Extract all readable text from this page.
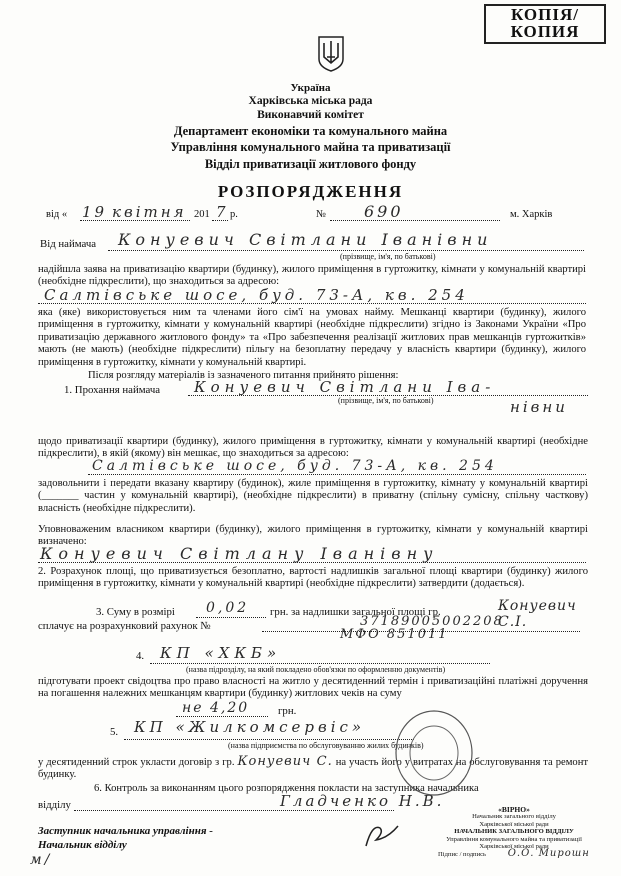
КОПІЯ/
КОПИЯ
Україна
Харківська міська рада
Виконавчий комітет
Департамент економіки та комунального майна
Управління комунального майна та приватизації
Відділ приватизації житлового фонду
РОЗПОРЯДЖЕННЯ
від « 19 квітня 201 7 р.	№ 690	м. Харків
Від наймача Конуевич Світлани Іванівни
(прізвище, ім'я, по батькові)
надійшла заява на приватизацію квартири (будинку), жилого приміщення в гуртожитку, кімнати у комунальній квартирі (необхідне підкреслити), що знаходиться за адресою:
Салтівське шосе, буд. 73-А, кв. 254
яка (яке) використовується ним та членами його сім'ї на умовах найму. Мешканці квартири (будинку), жилого приміщення в гуртожитку, кімнати у комунальній квартирі (необхідне підкреслити) згідно із Законами України «Про приватизацію державного житлового фонду» та «Про забезпечення реалізації житлових прав мешканців гуртожитків» мають (не мають) (необхідне підкреслити) пільгу на безоплатну передачу у власність квартири (будинку), жилого приміщення в гуртожитку, кімнати у комунальній квартирі.
Після розгляду матеріалів із зазначеного питання прийнято рішення:
1. Прохання наймача Конуевич Світлани Іва-
(прізвище, ім'я, по батькові)	нівни
щодо приватизації квартири (будинку), жилого приміщення в гуртожитку, кімнати у комунальній квартирі (необхідне підкреслити), в якій (якому) він мешкає, що знаходиться за адресою:
Салтівське шосе, буд. 73-А, кв. 254
задовольнити і передати вказану квартиру (будинок), жиле приміщення в гуртожитку, кімнату у комунальній квартирі (_______ частин у комунальній квартирі), (необхідне підкреслити) в приватну (спільну сумісну, спільну часткову) власність (необхідне підкреслити).
Уповноваженим власником квартири (будинку), жилого приміщення в гуртожитку, кімнати у комунальній квартирі визначено:
Конуевич Світлану Іванівну
2. Розрахунок площі, що приватизується безоплатно, вартості надлишків загальної площі квартири (будинку) жилого приміщення в гуртожитку, кімнати у комунальній квартирі (необхідне підкреслити) затвердити (додається).
3. Суму в розмірі 0,02 грн. за надлишки загальної площі гр.	Конуевич С.І.
сплачує на розрахунковий рахунок №	37189005002208
МФО 851011
4. КП «ХКБ»
(назва підрозділу, на який покладено обов'язки по оформленню документів)
підготувати проект свідоцтва про право власності на житло у десятиденний термін і приватизаційні платіжні доручення на погашення належних мешканцям квартири (будинку) житлових чеків на суму
не 4,20	грн.
5. КП «Жилкомсервіс»
(назва підприємства по обслуговуванню жилих будинків)
у десятиденний строк укласти договір з гр. Конуевич С. на участь його у витратах на обслуговування та ремонт будинку.
6. Контроль за виконанням цього розпорядження покласти на заступника начальника
відділу	Гладченко Н.В.
Заступник начальника управління -
Начальник відділу
м/
«ВІРНО»
Начальник загального відділу
Харківської міської ради
НАЧАЛЬНИК ЗАГАЛЬНОГО ВІДДІЛУ
Управління комунального майна та приватизації
Харківської міської ради
Підпис / подпись О.О. Мирошн
